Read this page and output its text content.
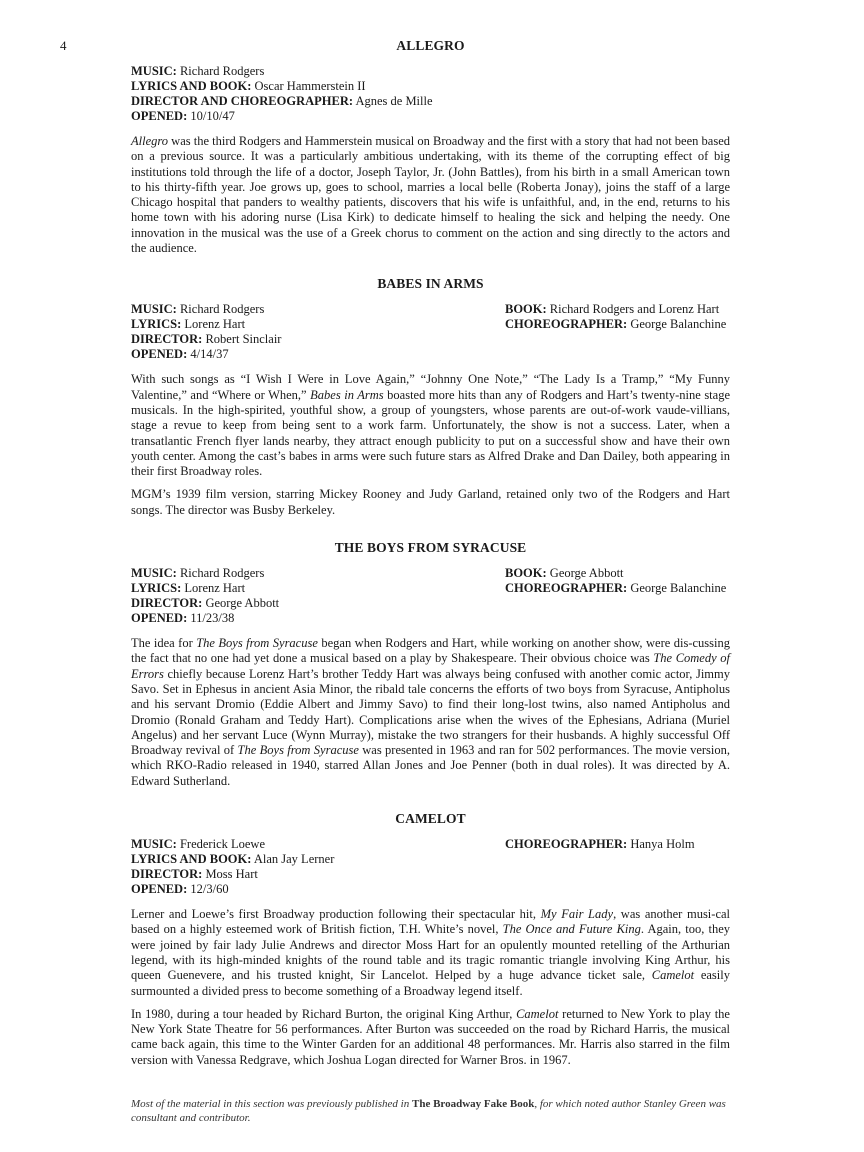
4	ALLEGRO
MUSIC: Richard Rodgers
LYRICS AND BOOK: Oscar Hammerstein II
DIRECTOR AND CHOREOGRAPHER: Agnes de Mille
OPENED: 10/10/47

Allegro was the third Rodgers and Hammerstein musical on Broadway and the first with a story that had not been based on a previous source. It was a particularly ambitious undertaking, with its theme of the corrupting effect of big institutions told through the life of a doctor, Joseph Taylor, Jr. (John Battles), from his birth in a small American town to his thirty-fifth year. Joe grows up, goes to school, marries a local belle (Roberta Jonay), joins the staff of a large Chicago hospital that panders to wealthy patients, discovers that his wife is unfaithful, and, in the end, returns to his home town with his adoring nurse (Lisa Kirk) to dedicate himself to healing the sick and helping the needy. One innovation in the musical was the use of a Greek chorus to comment on the action and sing directly to the actors and the audience.

BABES IN ARMS
MUSIC: Richard Rodgers
LYRICS: Lorenz Hart
DIRECTOR: Robert Sinclair
OPENED: 4/14/37
BOOK: Richard Rodgers and Lorenz Hart
CHOREOGRAPHER: George Balanchine

With such songs as “I Wish I Were in Love Again,” “Johnny One Note,” “The Lady Is a Tramp,” “My Funny Valentine,” and “Where or When,” Babes in Arms boasted more hits than any of Rodgers and Hart’s twenty-nine stage musicals. In the high-spirited, youthful show, a group of youngsters, whose parents are out-of-work vaude-villians, stage a revue to keep from being sent to a work farm. Unfortunately, the show is not a success. Later, when a transatlantic French flyer lands nearby, they attract enough publicity to put on a successful show and have their own youth center. Among the cast’s babes in arms were such future stars as Alfred Drake and Dan Dailey, both appearing in their first Broadway roles.

MGM’s 1939 film version, starring Mickey Rooney and Judy Garland, retained only two of the Rodgers and Hart songs. The director was Busby Berkeley.

THE BOYS FROM SYRACUSE
MUSIC: Richard Rodgers
LYRICS: Lorenz Hart
DIRECTOR: George Abbott
OPENED: 11/23/38
BOOK: George Abbott
CHOREOGRAPHER: George Balanchine

The idea for The Boys from Syracuse began when Rodgers and Hart, while working on another show, were dis-cussing the fact that no one had yet done a musical based on a play by Shakespeare. Their obvious choice was The Comedy of Errors chiefly because Lorenz Hart’s brother Teddy Hart was always being confused with another comic actor, Jimmy Savo. Set in Ephesus in ancient Asia Minor, the ribald tale concerns the efforts of two boys from Syracuse, Antipholus and his servant Dromio (Eddie Albert and Jimmy Savo) to find their long-lost twins, also named Antipholus and Dromio (Ronald Graham and Teddy Hart). Complications arise when the wives of the Ephesians, Adriana (Muriel Angelus) and her servant Luce (Wynn Murray), mistake the two strangers for their husbands. A highly successful Off Broadway revival of The Boys from Syracuse was presented in 1963 and ran for 502 performances. The movie version, which RKO-Radio released in 1940, starred Allan Jones and Joe Penner (both in dual roles). It was directed by A. Edward Sutherland.

CAMELOT
MUSIC: Frederick Loewe
LYRICS AND BOOK: Alan Jay Lerner
DIRECTOR: Moss Hart
OPENED: 12/3/60
CHOREOGRAPHER: Hanya Holm

Lerner and Loewe’s first Broadway production following their spectacular hit, My Fair Lady, was another musi-cal based on a highly esteemed work of British fiction, T.H. White’s novel, The Once and Future King. Again, too, they were joined by fair lady Julie Andrews and director Moss Hart for an opulently mounted retelling of the Arthurian legend, with its high-minded knights of the round table and its tragic romantic triangle involving King Arthur, his queen Guenevere, and his trusted knight, Sir Lancelot. Helped by a huge advance ticket sale, Camelot easily surmounted a divided press to become something of a Broadway legend itself.

In 1980, during a tour headed by Richard Burton, the original King Arthur, Camelot returned to New York to play the New York State Theatre for 56 performances. After Burton was succeeded on the road by Richard Harris, the musical came back again, this time to the Winter Garden for an additional 48 performances. Mr. Harris also starred in the film version with Vanessa Redgrave, which Joshua Logan directed for Warner Bros. in 1967.

Most of the material in this section was previously published in The Broadway Fake Book, for which noted author Stanley Green was consultant and contributor.
